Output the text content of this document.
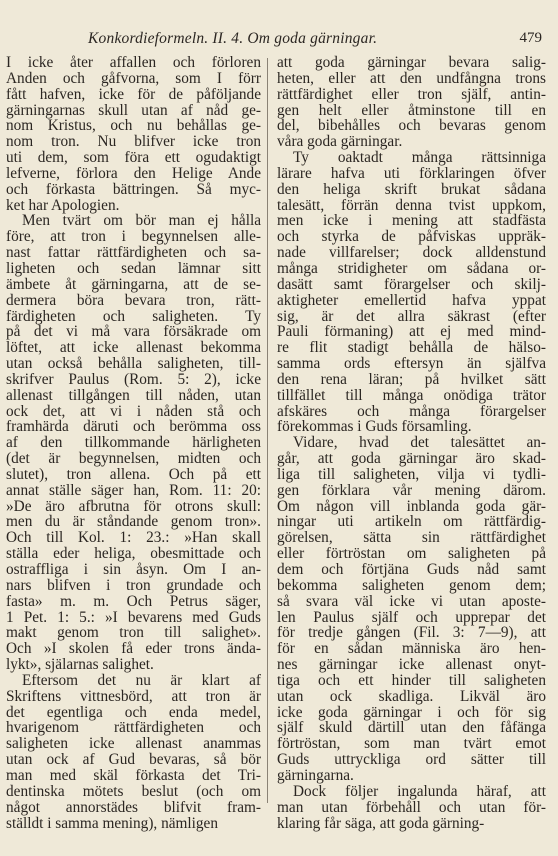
Konkordieformeln. II. 4. Om goda gärningar.	479
I icke åter affallen och förloren
Anden och gåfvorna, som I förr
fått hafven, icke för de påföljande
gärningarnas skull utan af nåd ge-
nom Kristus, och nu behållas ge-
nom tron. Nu blifver icke tron
uti dem, som föra ett ogudaktigt
lefverne, förlora den Helige Ande
och förkasta bättringen. Så myc-
ket har Apologien.
Men tvärt om bör man ej hålla
före, att tron i begynnelsen alle-
nast fattar rättfärdigheten och sa-
ligheten och sedan lämnar sitt
ämbete åt gärningarna, att de se-
dermera böra bevara tron, rätt-
färdigheten och saligheten. Ty
på det vi må vara försäkrade om
löftet, att icke allenast bekomma
utan också behålla saligheten, till-
skrifver Paulus (Rom. 5: 2), icke
allenast tillgången till nåden, utan
ock det, att vi i nåden stå och
framhärda däruti och berömma oss
af den tillkommande härligheten
(det är begynnelsen, midten och
slutet), tron allena. Och på ett
annat ställe säger han, Rom. 11: 20:
»De äro afbrutna för otrons skull:
men du är ståndande genom tron».
Och till Kol. 1: 23.: »Han skall
ställa eder heliga, obesmittade och
ostraffliga i sin åsyn. Om I an-
nars blifven i tron grundade och
fasta» m. m. Och Petrus säger,
1 Pet. 1: 5.: »I bevarens med Guds
makt genom tron till salighet».
Och »I skolen få eder trons ända-
lykt», själarnas salighet.
Eftersom det nu är klart af
Skriftens vittnesbörd, att tron är
det egentliga och enda medel,
hvarigenom rättfärdigheten och
saligheten icke allenast anammas
utan ock af Gud bevaras, så bör
man med skäl förkasta det Tri-
dentinska mötets beslut (och om
något annorstädes blifvit fram-
ställdt i samma mening), nämligen
att goda gärningar bevara salig-
heten, eller att den undfångna trons
rättfärdighet eller tron själf, antin-
gen helt eller åtminstone till en
del, bibehålles och bevaras genom
våra goda gärningar.
Ty oaktadt många rättsinniga
lärare hafva uti förklaringen öfver
den heliga skrift brukat sådana
talesätt, förrän denna tvist uppkom,
men icke i mening att stadfästa
och styrka de påfviskas uppräk-
nade villfarelser; dock alldenstund
många stridigheter om sådana or-
dasätt samt förargelser och skilj-
aktigheter emellertid hafva yppat
sig, är det allra säkrast (efter
Pauli förmaning) att ej med mind-
re flit stadigt behålla de hälso-
samma ords eftersyn än själfva
den rena läran; på hvilket sätt
tillfället till många onödiga trätor
afskäres och många förargelser
förekommas i Guds församling.
Vidare, hvad det talesättet an-
går, att goda gärningar äro skad-
liga till saligheten, vilja vi tydli-
gen förklara vår mening därom.
Om någon vill inblanda goda gär-
ningar uti artikeln om rättfärdig-
görelsen, sätta sin rättfärdighet
eller förtröstan om saligheten på
dem och förtjäna Guds nåd samt
bekomma saligheten genom dem;
så svara väl icke vi utan aposte-
len Paulus själf och upprepar det
för tredje gången (Fil. 3: 7—9), att
för en sådan människa äro hen-
nes gärningar icke allenast onyt-
tiga och ett hinder till saligheten
utan ock skadliga. Likväl äro
icke goda gärningar i och för sig
själf skuld därtill utan den fåfänga
förtröstan, som man tvärt emot
Guds uttryckliga ord sätter till
gärningarna.
Dock följer ingalunda häraf, att
man utan förbehåll och utan för-
klaring får säga, att goda gärning-
